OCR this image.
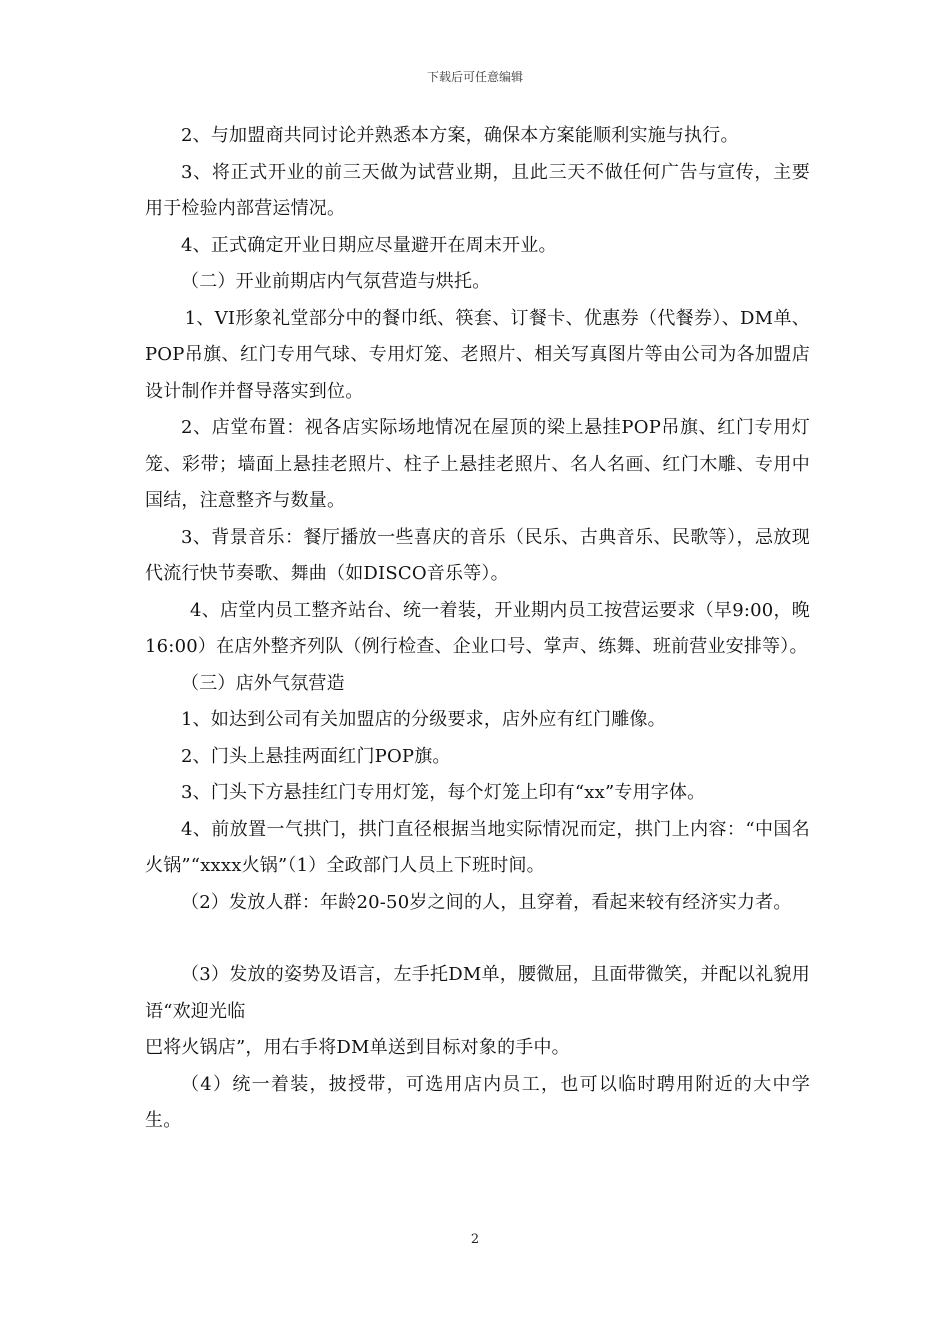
下载后可任意编辑

2、与加盟商共同讨论并熟悉本方案，确保本方案能顺利实施与执行。

3、将正式开业的前三天做为试营业期，且此三天不做任何广告与宣传，主要用于检验内部营运情况。

4、正式确定开业日期应尽量避开在周末开业。

（二）开业前期店内气氛营造与烘托。

1、VI形象礼堂部分中的餐巾纸、筷套、订餐卡、优惠券（代餐券）、DM单、POP吊旗、红门专用气球、专用灯笼、老照片、相关写真图片等由公司为各加盟店设计制作并督导落实到位。

2、店堂布置：视各店实际场地情况在屋顶的梁上悬挂POP吊旗、红门专用灯笼、彩带；墙面上悬挂老照片、柱子上悬挂老照片、名人名画、红门木雕、专用中国结，注意整齐与数量。

3、背景音乐：餐厅播放一些喜庆的音乐（民乐、古典音乐、民歌等），忌放现代流行快节奏歌、舞曲（如DISCO音乐等）。

4、店堂内员工整齐站台、统一着装，开业期内员工按营运要求（早9:00，晚16:00）在店外整齐列队（例行检查、企业口号、掌声、练舞、班前营业安排等）。

（三）店外气氛营造

1、如达到公司有关加盟店的分级要求，店外应有红门雕像。

2、门头上悬挂两面红门POP旗。

3、门头下方悬挂红门专用灯笼，每个灯笼上印有“xx”专用字体。

4、前放置一气拱门，拱门直径根据当地实际情况而定，拱门上内容：“中国名火锅”“xxxx火锅”（1）全政部门人员上下班时间。

（2）发放人群：年龄20-50岁之间的人，且穿着，看起来较有经济实力者。

（3）发放的姿势及语言，左手托DM单，腰微屈，且面带微笑，并配以礼貌用语“欢迎光临

巴将火锅店”，用右手将DM单送到目标对象的手中。

（4）统一着装，披授带，可选用店内员工，也可以临时聘用附近的大中学生。

2
